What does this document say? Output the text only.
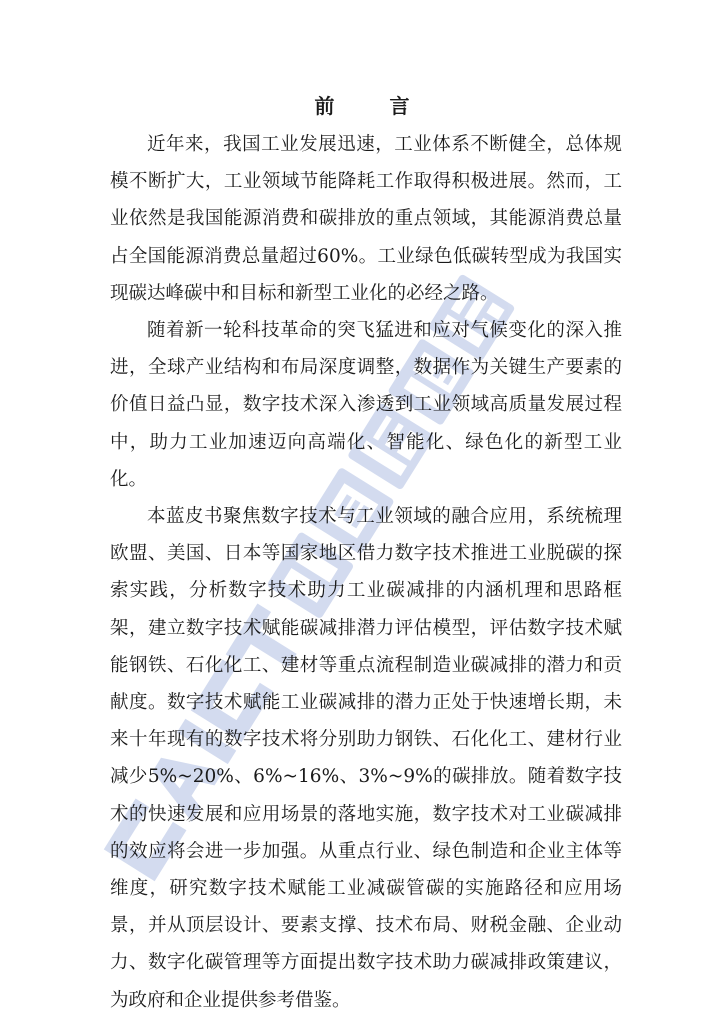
前 言

近年来，我国工业发展迅速，工业体系不断健全，总体规模不断扩大，工业领域节能降耗工作取得积极进展。然而，工业依然是我国能源消费和碳排放的重点领域，其能源消费总量占全国能源消费总量超过60%。工业绿色低碳转型成为我国实现碳达峰碳中和目标和新型工业化的必经之路。

随着新一轮科技革命的突飞猛进和应对气候变化的深入推进，全球产业结构和布局深度调整，数据作为关键生产要素的价值日益凸显，数字技术深入渗透到工业领域高质量发展过程中，助力工业加速迈向高端化、智能化、绿色化的新型工业化。

本蓝皮书聚焦数字技术与工业领域的融合应用，系统梳理欧盟、美国、日本等国家地区借力数字技术推进工业脱碳的探索实践，分析数字技术助力工业碳减排的内涵机理和思路框架，建立数字技术赋能碳减排潜力评估模型，评估数字技术赋能钢铁、石化化工、建材等重点流程制造业碳减排的潜力和贡献度。数字技术赋能工业碳减排的潜力正处于快速增长期，未来十年现有的数字技术将分别助力钢铁、石化化工、建材行业减少5%~20%、6%~16%、3%~9%的碳排放。随着数字技术的快速发展和应用场景的落地实施，数字技术对工业碳减排的效应将会进一步加强。从重点行业、绿色制造和企业主体等维度，研究数字技术赋能工业减碳管碳的实施路径和应用场景，并从顶层设计、要素支撑、技术布局、财税金融、企业动力、数字化碳管理等方面提出数字技术助力碳减排政策建议，为政府和企业提供参考借鉴。
